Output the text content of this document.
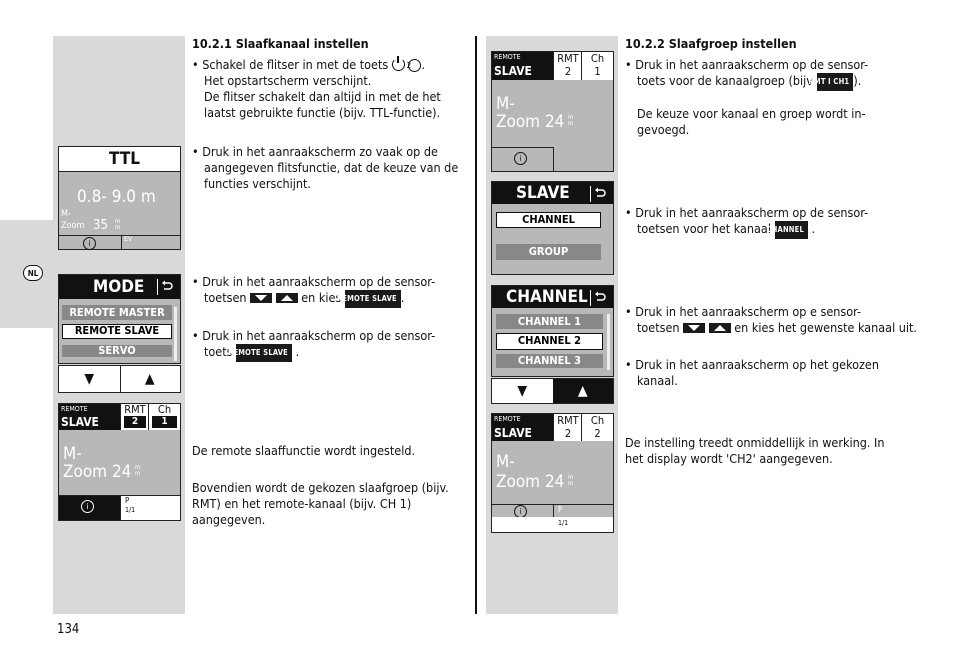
NL
134
10.2.1 Slaafkanaal instellen
• Schakel de flitser in met de toets  2 .
Het opstartscherm verschijnt.
De flitser schakelt dan altijd in met de het laatst gebruikte functie (bijv. TTL-functie).
• Druk in het aanraakscherm zo vaak op de aangegeven flitsfunctie, dat de keuze van de functies verschijnt.
• Druk in het aanraakscherm op de sensor-
toetsen
	en kies REMOTE SLAVE .
• Druk in het aanraakscherm op de sensor-
toets REMOTE SLAVE .
De remote slaaffunctie wordt ingesteld.
Bovendien wordt de gekozen slaafgroep (bijv. RMT) en het remote-kanaal (bijv. CH 1) aangegeven.
10.2.2 Slaafgroep instellen
• Druk in het aanraakscherm op de sensor-
toets voor de kanaalgroep (bijv RMT I CH1 ).
De keuze voor kanaal en groep wordt in-gevoegd.
• Druk in het aanraakscherm op de sensor-
toetsen voor het kanaal CHANNEL .
• Druk in het aanraakscherm op e sensor-
toetsen
	en kies het gewenste kanaal uit.
• Druk in het aanraakscherm op het gekozen kanaal.
De instelling treedt onmiddellijk in werking. In het display wordt 'CH2' aangegeven.
TTL
0.8- 9.0 m
M-
Zoom 35 m
m
i	EV
MODE
REMOTE MASTER
REMOTE SLAVE
SERVO
▼	▲
REMOTE
SLAVE
RMT
2
Ch
1
M-
Zoom 24 m
m
i
P
1/1
REMOTE
SLAVE
RMT
2
Ch
1
M-
Zoom 24 m
m
i
SLAVE
CHANNEL
GROUP
CHANNEL
CHANNEL 1
CHANNEL 2
CHANNEL 3
▼	▲
REMOTE
SLAVE
RMT
2
Ch
2
M-
Zoom 24 m
m
i	P
1/1
